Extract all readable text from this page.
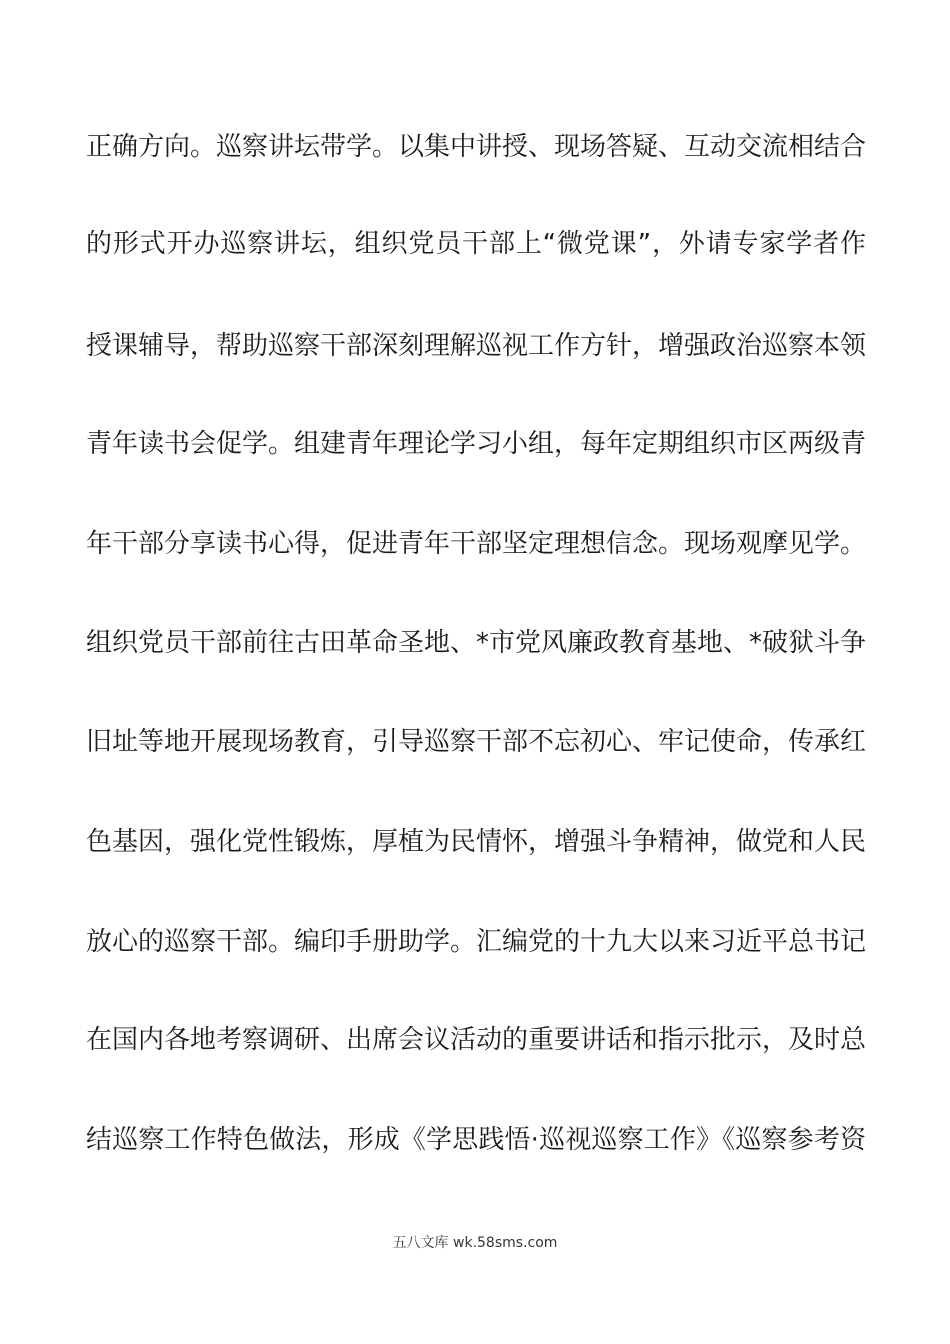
正确方向。巡察讲坛带学。以集中讲授、现场答疑、互动交流相结合
的形式开办巡察讲坛，组织党员干部上“微党课”，外请专家学者作
授课辅导，帮助巡察干部深刻理解巡视工作方针，增强政治巡察本领
青年读书会促学。组建青年理论学习小组，每年定期组织市区两级青
年干部分享读书心得，促进青年干部坚定理想信念。现场观摩见学。
组织党员干部前往古田革命圣地、*市党风廉政教育基地、*破狱斗争
旧址等地开展现场教育，引导巡察干部不忘初心、牢记使命，传承红
色基因，强化党性锻炼，厚植为民情怀，增强斗争精神，做党和人民
放心的巡察干部。编印手册助学。汇编党的十九大以来习近平总书记
在国内各地考察调研、出席会议活动的重要讲话和指示批示，及时总
结巡察工作特色做法，形成《学思践悟·巡视巡察工作》《巡察参考资
五八文库 wk.58sms.com
